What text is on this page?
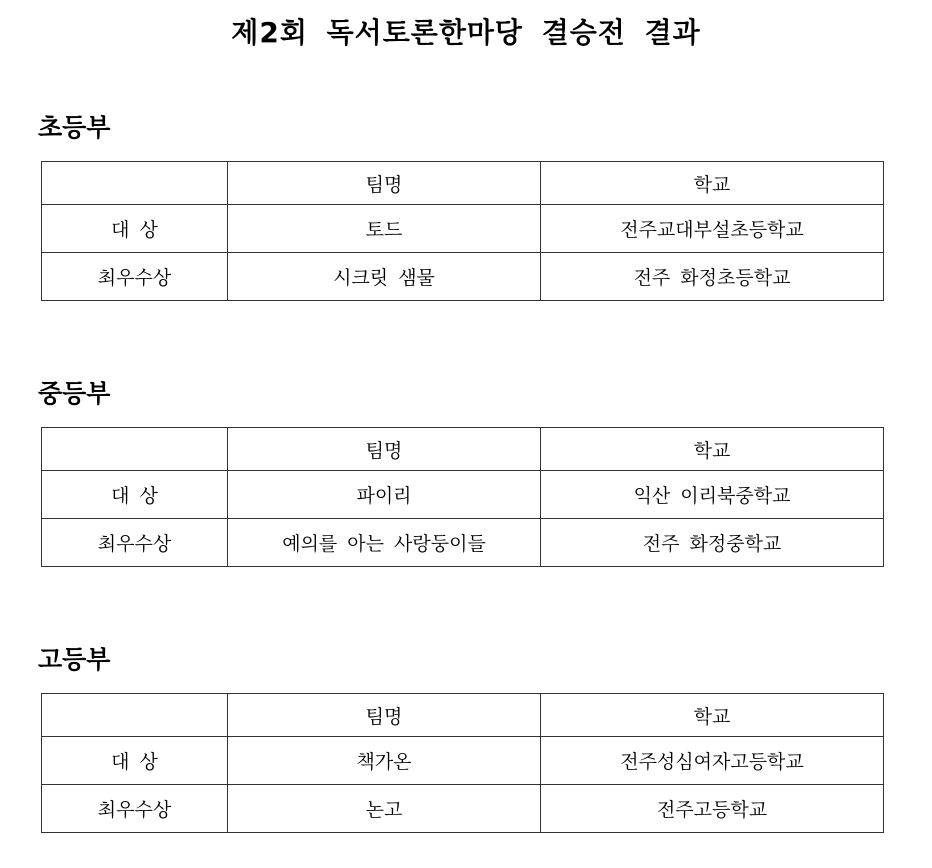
제2회 독서토론한마당 결승전 결과
초등부
	팀명	학교
대 상	토드	전주교대부설초등학교
최우수상	시크릿 샘물	전주 화정초등학교
중등부
	팀명	학교
대 상	파이리	익산 이리북중학교
최우수상	예의를 아는 사랑둥이들	전주 화정중학교
고등부
	팀명	학교
대 상	책가온	전주성심여자고등학교
최우수상	논고	전주고등학교
